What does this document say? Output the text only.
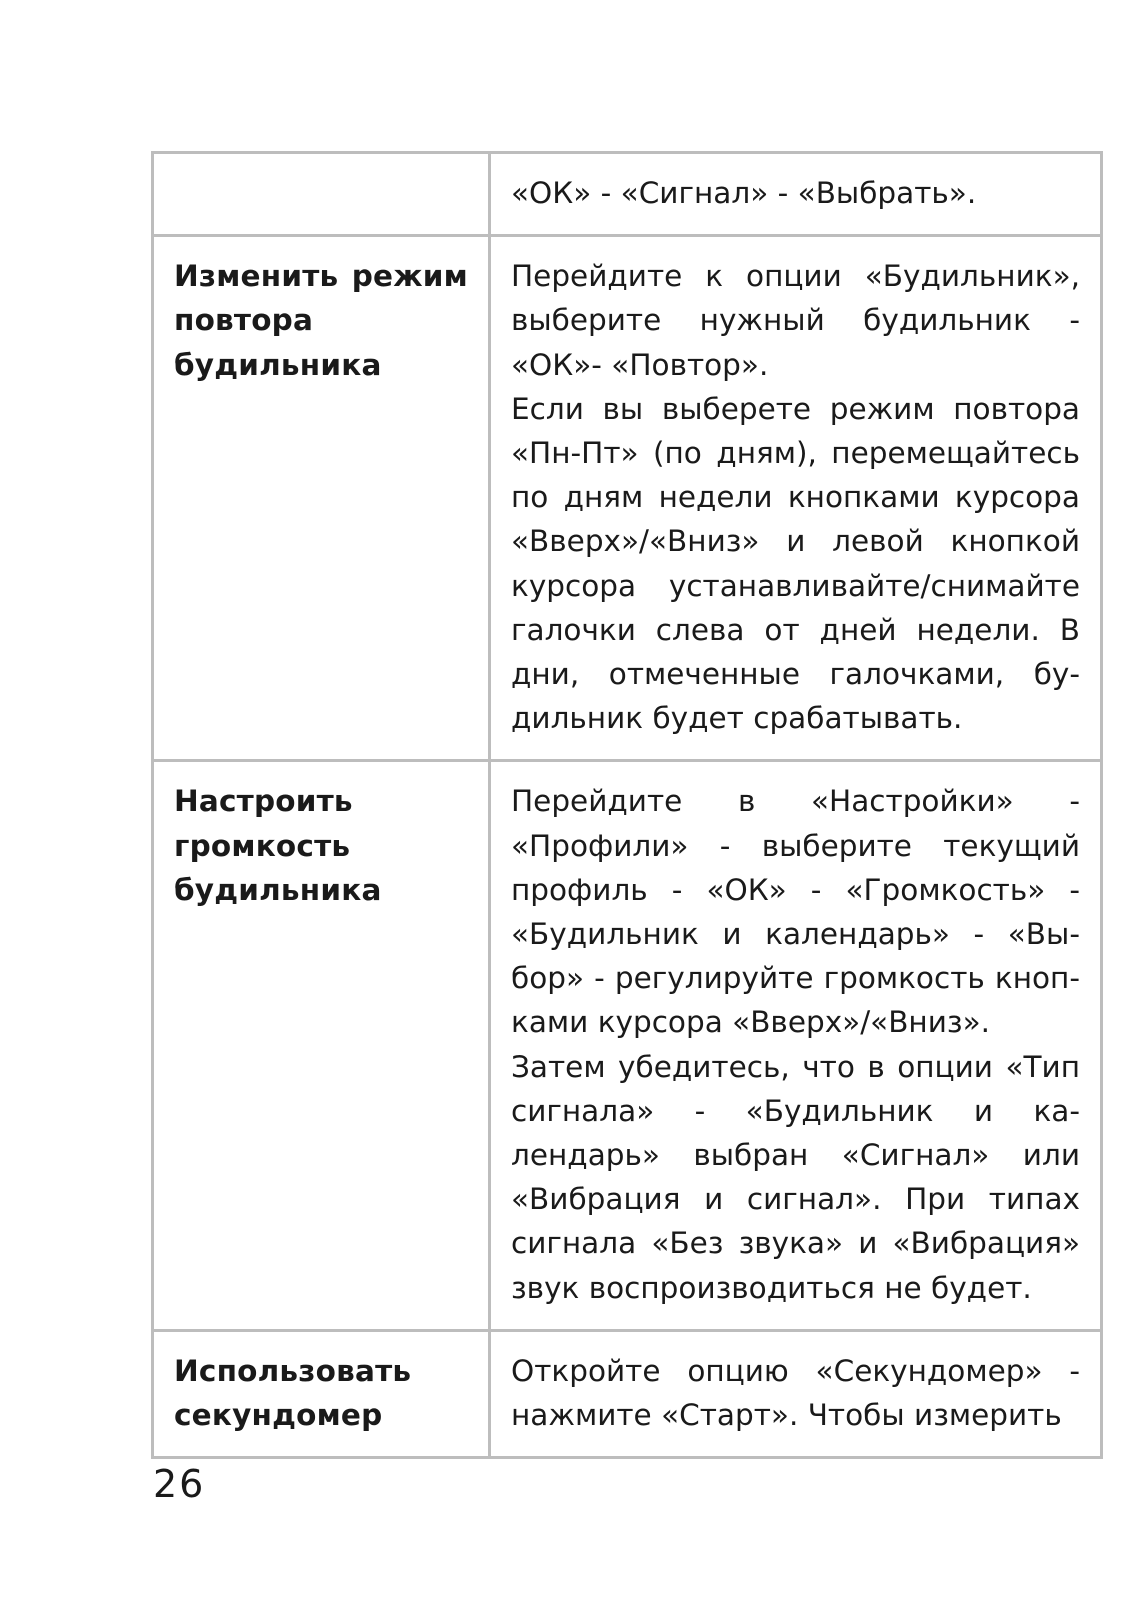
	«ОК» - «Сигнал» - «Выбрать».

Изменить режим повтора будильника	Перейдите к опции «Будильник», выберите нужный будильник - «ОК»- «Повтор».

Если вы выберете режим повтора «Пн-Пт» (по дням), перемещайтесь по дням недели кнопками курсора «Вверх»/«Вниз» и левой кнопкой курсора устанавливайте/снимайте галочки слева от дней недели. В дни, отмеченные галочками, будильник будет срабатывать.

Настроить громкость будильника	Перейдите в «Настройки» - «Профили» - выберите текущий профиль - «ОК» - «Громкость» - «Будильник и календарь» - «Выбор» - регулируйте громкость кнопками курсора «Вверх»/«Вниз».

Затем убедитесь, что в опции «Тип сигнала» - «Будильник и календарь» выбран «Сигнал» или «Вибрация и сигнал». При типах сигнала «Без звука» и «Вибрация» звук воспроизводиться не будет.

Использовать секундомер	Откройте опцию «Секундомер» - нажмите «Старт». Чтобы измерить

26
